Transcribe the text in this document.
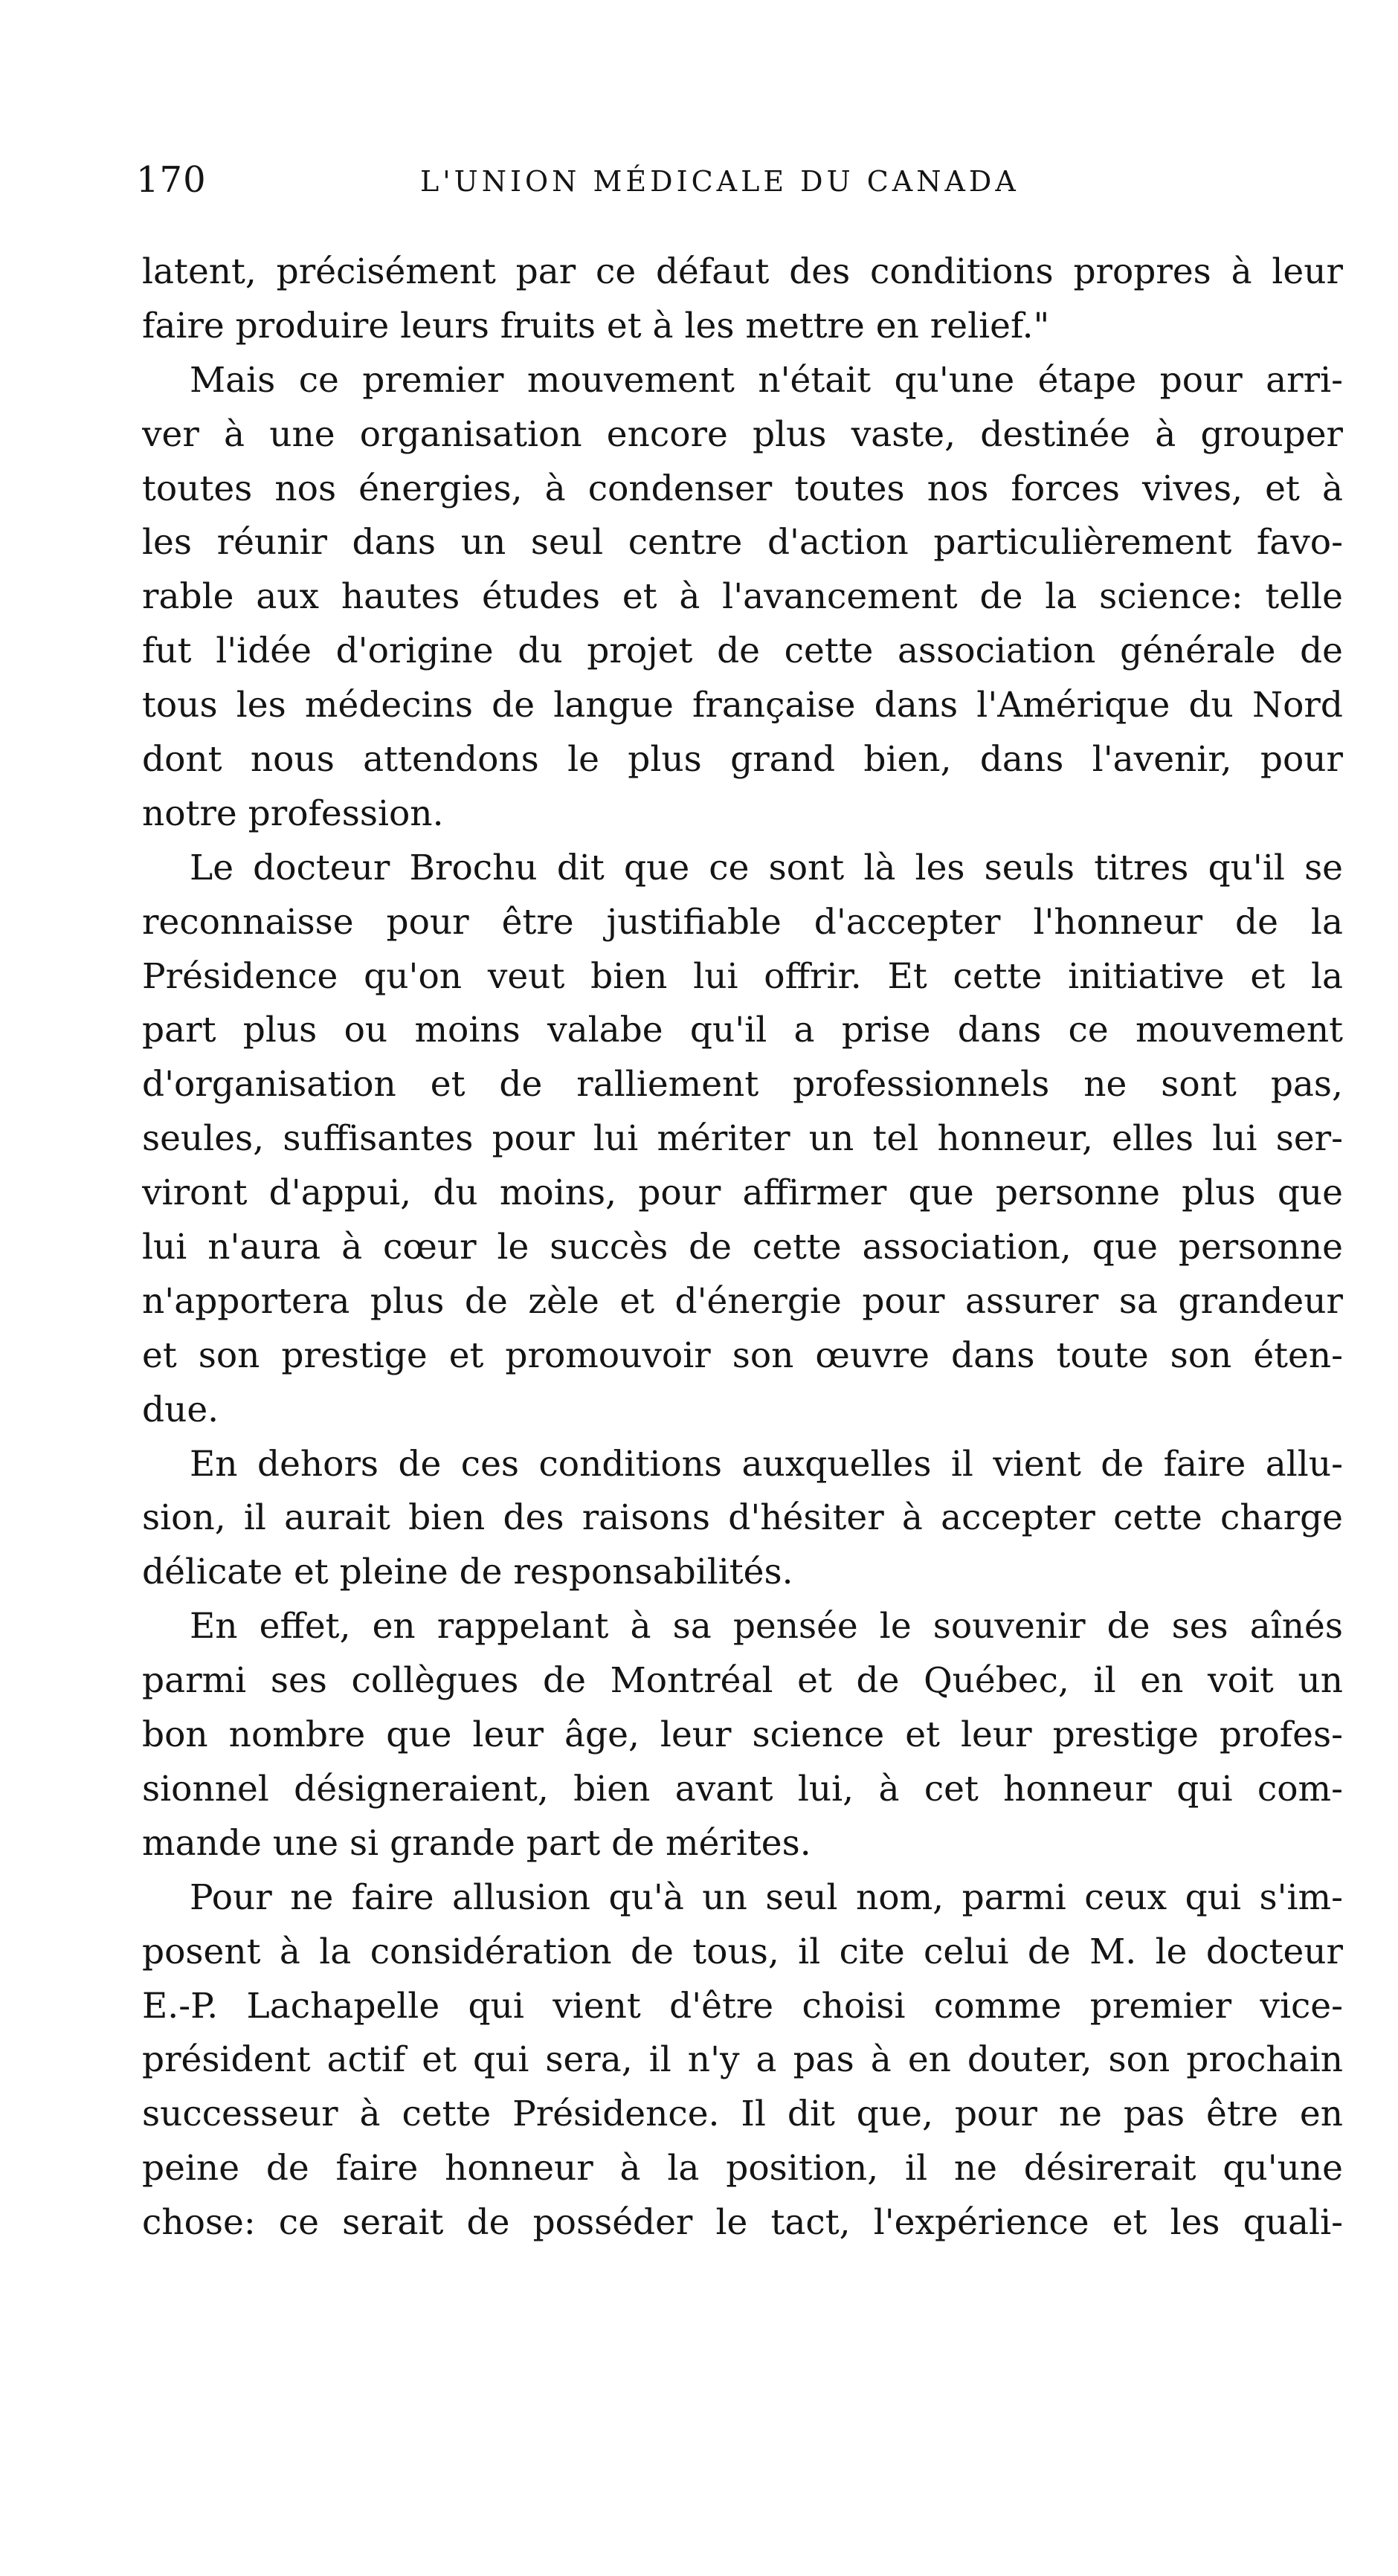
170	L'UNION MÉDICALE DU CANADA
latent, précisément par ce défaut des conditions propres à leur
faire produire leurs fruits et à les mettre en relief."
Mais ce premier mouvement n'était qu'une étape pour arri-
ver à une organisation encore plus vaste, destinée à grouper
toutes nos énergies, à condenser toutes nos forces vives, et à
les réunir dans un seul centre d'action particulièrement favo-
rable aux hautes études et à l'avancement de la science: telle
fut l'idée d'origine du projet de cette association générale de
tous les médecins de langue française dans l'Amérique du Nord
dont nous attendons le plus grand bien, dans l'avenir, pour
notre profession.
Le docteur Brochu dit que ce sont là les seuls titres qu'il se
reconnaisse pour être justifiable d'accepter l'honneur de la
Présidence qu'on veut bien lui offrir. Et cette initiative et la
part plus ou moins valabe qu'il a prise dans ce mouvement
d'organisation et de ralliement professionnels ne sont pas,
seules, suffisantes pour lui mériter un tel honneur, elles lui ser-
viront d'appui, du moins, pour affirmer que personne plus que
lui n'aura à cœur le succès de cette association, que personne
n'apportera plus de zèle et d'énergie pour assurer sa grandeur
et son prestige et promouvoir son œuvre dans toute son éten-
due.
En dehors de ces conditions auxquelles il vient de faire allu-
sion, il aurait bien des raisons d'hésiter à accepter cette charge
délicate et pleine de responsabilités.
En effet, en rappelant à sa pensée le souvenir de ses aînés
parmi ses collègues de Montréal et de Québec, il en voit un
bon nombre que leur âge, leur science et leur prestige profes-
sionnel désigneraient, bien avant lui, à cet honneur qui com-
mande une si grande part de mérites.
Pour ne faire allusion qu'à un seul nom, parmi ceux qui s'im-
posent à la considération de tous, il cite celui de M. le docteur
E.-P. Lachapelle qui vient d'être choisi comme premier vice-
président actif et qui sera, il n'y a pas à en douter, son prochain
successeur à cette Présidence. Il dit que, pour ne pas être en
peine de faire honneur à la position, il ne désirerait qu'une
chose: ce serait de posséder le tact, l'expérience et les quali-
